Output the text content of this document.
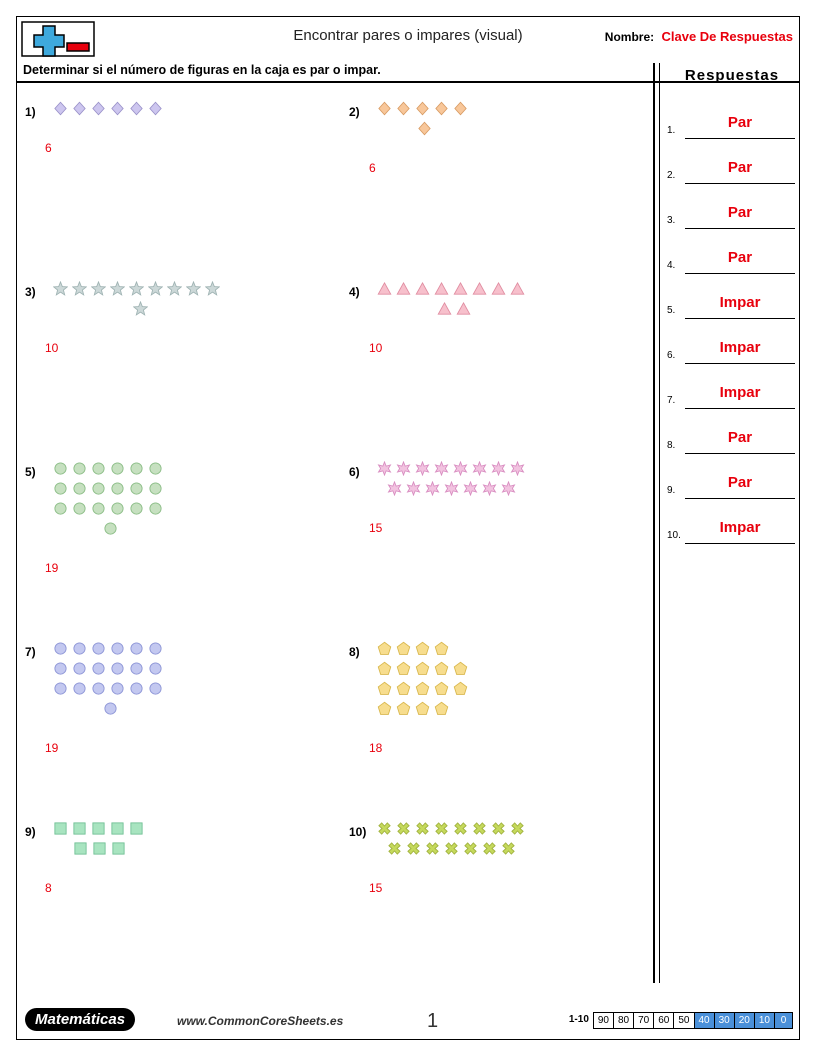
Encontrar pares o impares (visual)	Nombre: Clave De Respuestas
Determinar si el número de figuras en la caja es par o impar.
1)
6
2)
6
3)
10
4)
10
5)
19
6)
15
7)
19
8)
18
9)
8
10)
15
Respuestas
1.	Par
2.	Par
3.	Par
4.	Par
5.	Impar
6.	Impar
7.	Impar
8.	Par
9.	Par
10.	Impar
Matemáticas	www.CommonCoreSheets.es	1	1-10 90 80 70 60 50 40 30 20 10	0
